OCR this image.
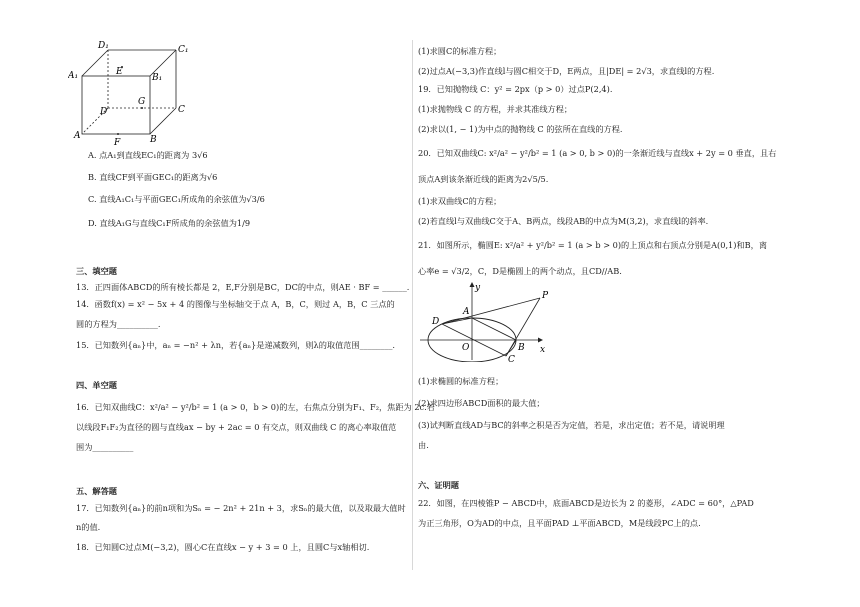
D₁	C₁
A₁	B₁
E
D
G
C
A	B
F
A. 点A₁到直线EC₁的距离为 3√6
B. 直线CF到平面GEC₁的距离为√6
C. 直线A₁C₁与平面GEC₁所成角的余弦值为√3/6
D. 直线A₁G与直线C₁F所成角的余弦值为1/9
三、填空题
13．正四面体ABCD的所有棱长都是 2，E,F分别是BC，DC的中点，则AE · BF = ______.
14．函数f(x) = x² − 5x + 4 的图像与坐标轴交于点 A，B，C，则过 A，B，C 三点的
圆的方程为__________.
15．已知数列{aₙ}中，aₙ = −n² + λn，若{aₙ}是递减数列，则λ的取值范围________.
四、单空题
16．已知双曲线C：x²/a² − y²/b² = 1 (a > 0，b > 0)的左，右焦点分别为F₁、F₂，焦距为 2c.若
以线段F₁F₂为直径的圆与直线ax − by + 2ac = 0 有交点，则双曲线 C 的离心率取值范
围为__________
五、解答题
17．已知数列{aₙ}的前n项和为Sₙ = − 2n² + 21n + 3，求Sₙ的最大值，以及取最大值时
n的值.
18．已知圆C过点M(−3,2)，圆心C在直线x − y + 3 = 0 上，且圆C与x轴相切.
(1)求圆C的标准方程；
(2)过点A(−3,3)作直线l与圆C相交于D，E两点，且|DE| = 2√3，求直线l的方程.
19．已知抛物线 C：y² = 2px（p > 0）过点P(2,4).
(1)求抛物线 C 的方程，并求其准线方程；
(2)求以(1, − 1)为中点的抛物线 C 的弦所在直线的方程.
20．已知双曲线C: x²/a² − y²/b² = 1 (a > 0, b > 0)的一条渐近线与直线x + 2y = 0 垂直，且右
顶点A到该条渐近线的距离为2√5/5.
(1)求双曲线C的方程；
(2)若直线l与双曲线C交于A、B两点，线段AB的中点为M(3,2)，求直线l的斜率.
21．如图所示，椭圆E: x²/a² + y²/b² = 1 (a > b > 0)的上顶点和右顶点分别是A(0,1)和B，离
心率e = √3/2，C，D是椭圆上的两个动点，且CD//AB.
y
x
P
A
D
O	B
C
(1)求椭圆的标准方程；
(2)求四边形ABCD面积的最大值；
(3)试判断直线AD与BC的斜率之积是否为定值，若是，求出定值；若不是，请说明理
由.
六、证明题
22．如图，在四棱锥P − ABCD中，底面ABCD是边长为 2 的菱形，∠ADC = 60°，△PAD
为正三角形，O为AD的中点，且平面PAD ⊥平面ABCD，M是线段PC上的点.
